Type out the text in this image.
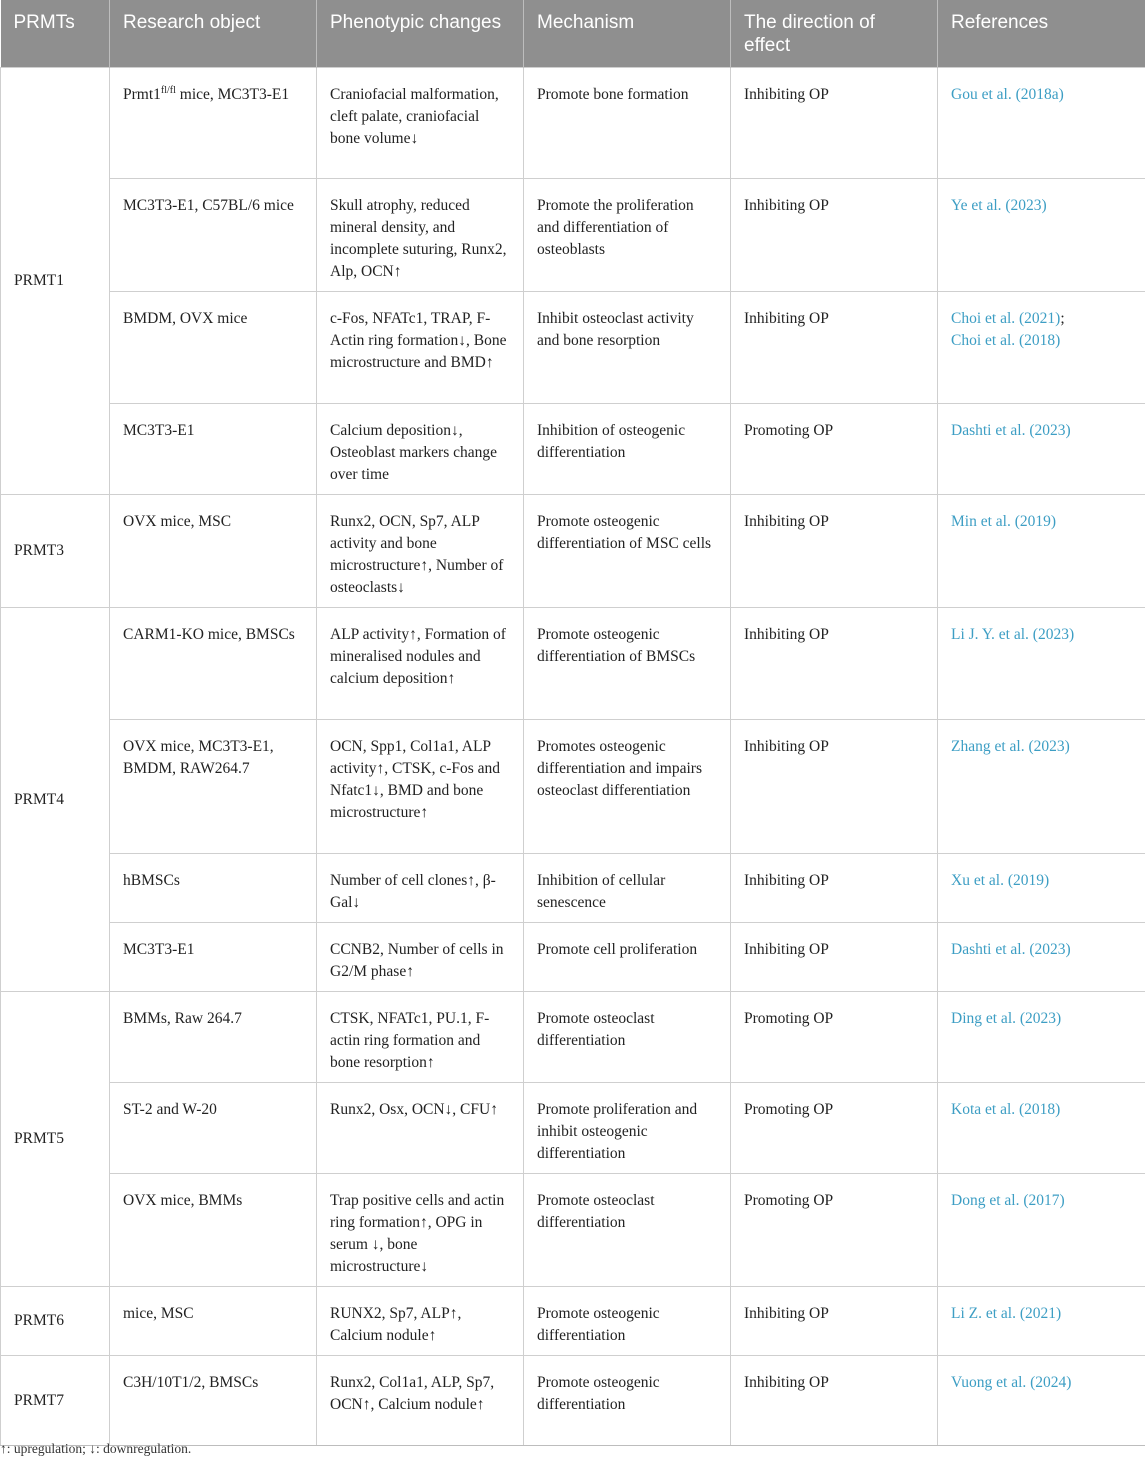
PRMTs	Research object	Phenotypic changes	Mechanism	The direction of effect	References
PRMT1	$Prmt1^{fl/fl}$ mice, MC3T3-E1	Craniofacial malformation, cleft palate, craniofacial bone volume↓	Promote bone formation	Inhibiting OP	Gou et al. (2018a)
	MC3T3-E1, C57BL/6 mice	Skull atrophy, reduced mineral density, and incomplete suturing, Runx2, Alp, OCN↑	Promote the proliferation and differentiation of osteoblasts	Inhibiting OP	Ye et al. (2023)
	BMDM, OVX mice	c-Fos, NFATc1, TRAP, F-Actin ring formation↓, Bone microstructure and BMD↑	Inhibit osteoclast activity and bone resorption	Inhibiting OP	Choi et al. (2021);
Choi et al. (2018)
	MC3T3-E1	Calcium deposition↓, Osteoblast markers change over time	Inhibition of osteogenic differentiation	Promoting OP	Dashti et al. (2023)
PRMT3	OVX mice, MSC	Runx2, OCN, Sp7, ALP activity and bone microstructure↑, Number of osteoclasts↓	Promote osteogenic differentiation of MSC cells	Inhibiting OP	Min et al. (2019)
PRMT4	CARM1-KO mice, BMSCs	ALP activity↑, Formation of mineralised nodules and calcium deposition↑	Promote osteogenic differentiation of BMSCs	Inhibiting OP	Li J. Y. et al. (2023)
	OVX mice, MC3T3-E1, BMDM, RAW264.7	OCN, Spp1, Col1a1, ALP activity↑, CTSK, c-Fos and Nfatc1↓, BMD and bone microstructure↑	Promotes osteogenic differentiation and impairs osteoclast differentiation	Inhibiting OP	Zhang et al. (2023)
	hBMSCs	Number of cell clones↑, β-Gal↓	Inhibition of cellular senescence	Inhibiting OP	Xu et al. (2019)
	MC3T3-E1	CCNB2, Number of cells in G2/M phase↑	Promote cell proliferation	Inhibiting OP	Dashti et al. (2023)
PRMT5	BMMs, Raw 264.7	CTSK, NFATc1, PU.1, F-actin ring formation and bone resorption↑	Promote osteoclast differentiation	Promoting OP	Ding et al. (2023)
	ST-2 and W-20	Runx2, Osx, OCN↓, CFU↑	Promote proliferation and inhibit osteogenic differentiation	Promoting OP	Kota et al. (2018)
	OVX mice, BMMs	Trap positive cells and actin ring formation↑, OPG in serum ↓, bone microstructure↓	Promote osteoclast differentiation	Promoting OP	Dong et al. (2017)
PRMT6	mice, MSC	RUNX2, Sp7, ALP↑, Calcium nodule↑	Promote osteogenic differentiation	Inhibiting OP	Li Z. et al. (2021)
PRMT7	C3H/10T1/2, BMSCs	Runx2, Col1a1, ALP, Sp7, OCN↑, Calcium nodule↑	Promote osteogenic differentiation	Inhibiting OP	Vuong et al. (2024)
↑: upregulation; ↓: downregulation.
